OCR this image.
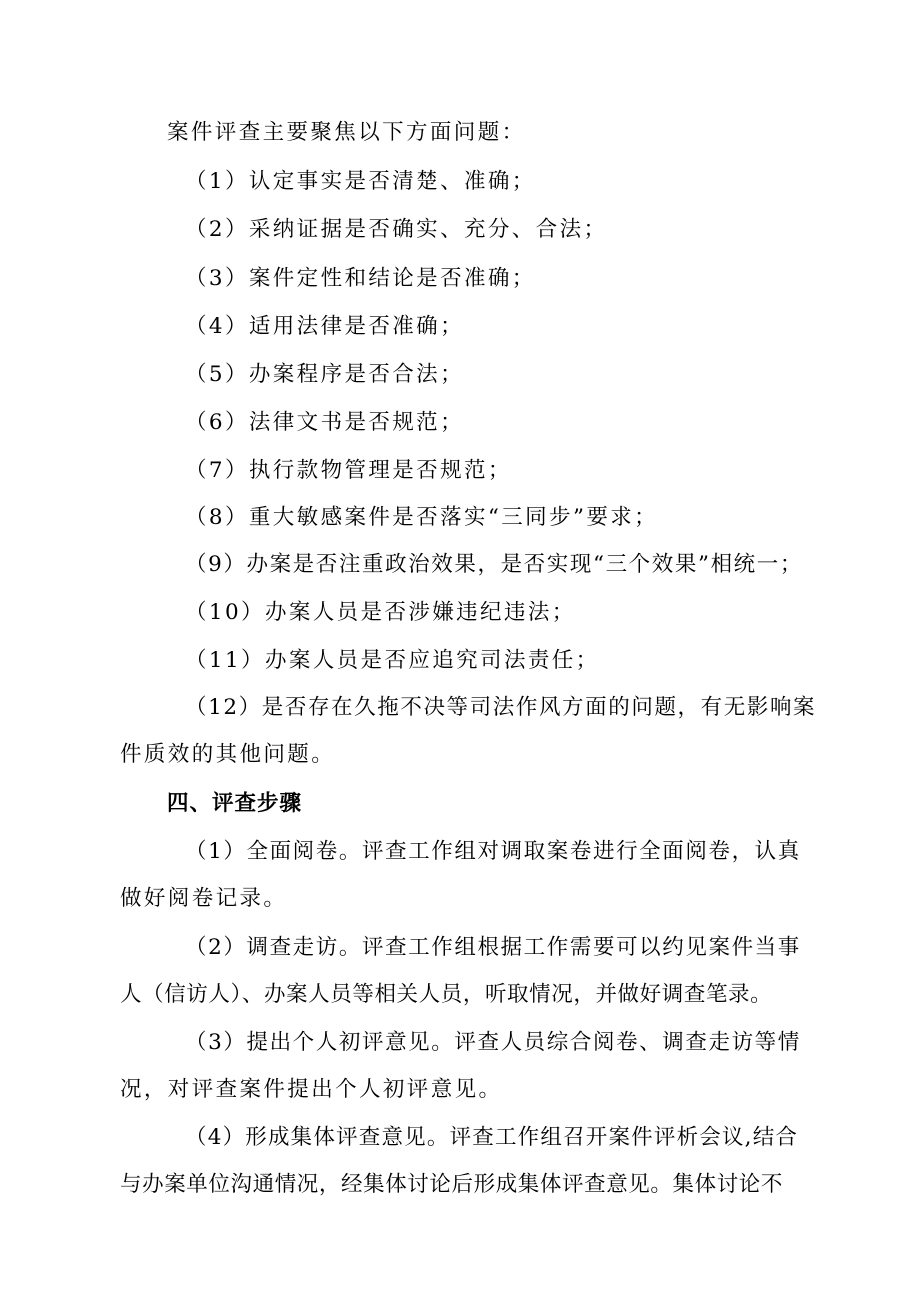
案件评查主要聚焦以下方面问题：
（1）认定事实是否清楚、准确；
（2）采纳证据是否确实、充分、合法；
（3）案件定性和结论是否准确；
（4）适用法律是否准确；
（5）办案程序是否合法；
（6）法律文书是否规范；
（7）执行款物管理是否规范；
（8）重大敏感案件是否落实“三同步”要求；
（9）办案是否注重政治效果，是否实现“三个效果”相统一；
（10）办案人员是否涉嫌违纪违法；
（11）办案人员是否应追究司法责任；
（12）是否存在久拖不决等司法作风方面的问题，有无影响案
件质效的其他问题。
四、评查步骤
（1）全面阅卷。评查工作组对调取案卷进行全面阅卷，认真
做好阅卷记录。
（2）调查走访。评查工作组根据工作需要可以约见案件当事
人（信访人）、办案人员等相关人员，听取情况，并做好调查笔录。
（3）提出个人初评意见。评查人员综合阅卷、调查走访等情
况，对评查案件提出个人初评意见。
（4）形成集体评查意见。评查工作组召开案件评析会议,结合
与办案单位沟通情况，经集体讨论后形成集体评查意见。集体讨论不
